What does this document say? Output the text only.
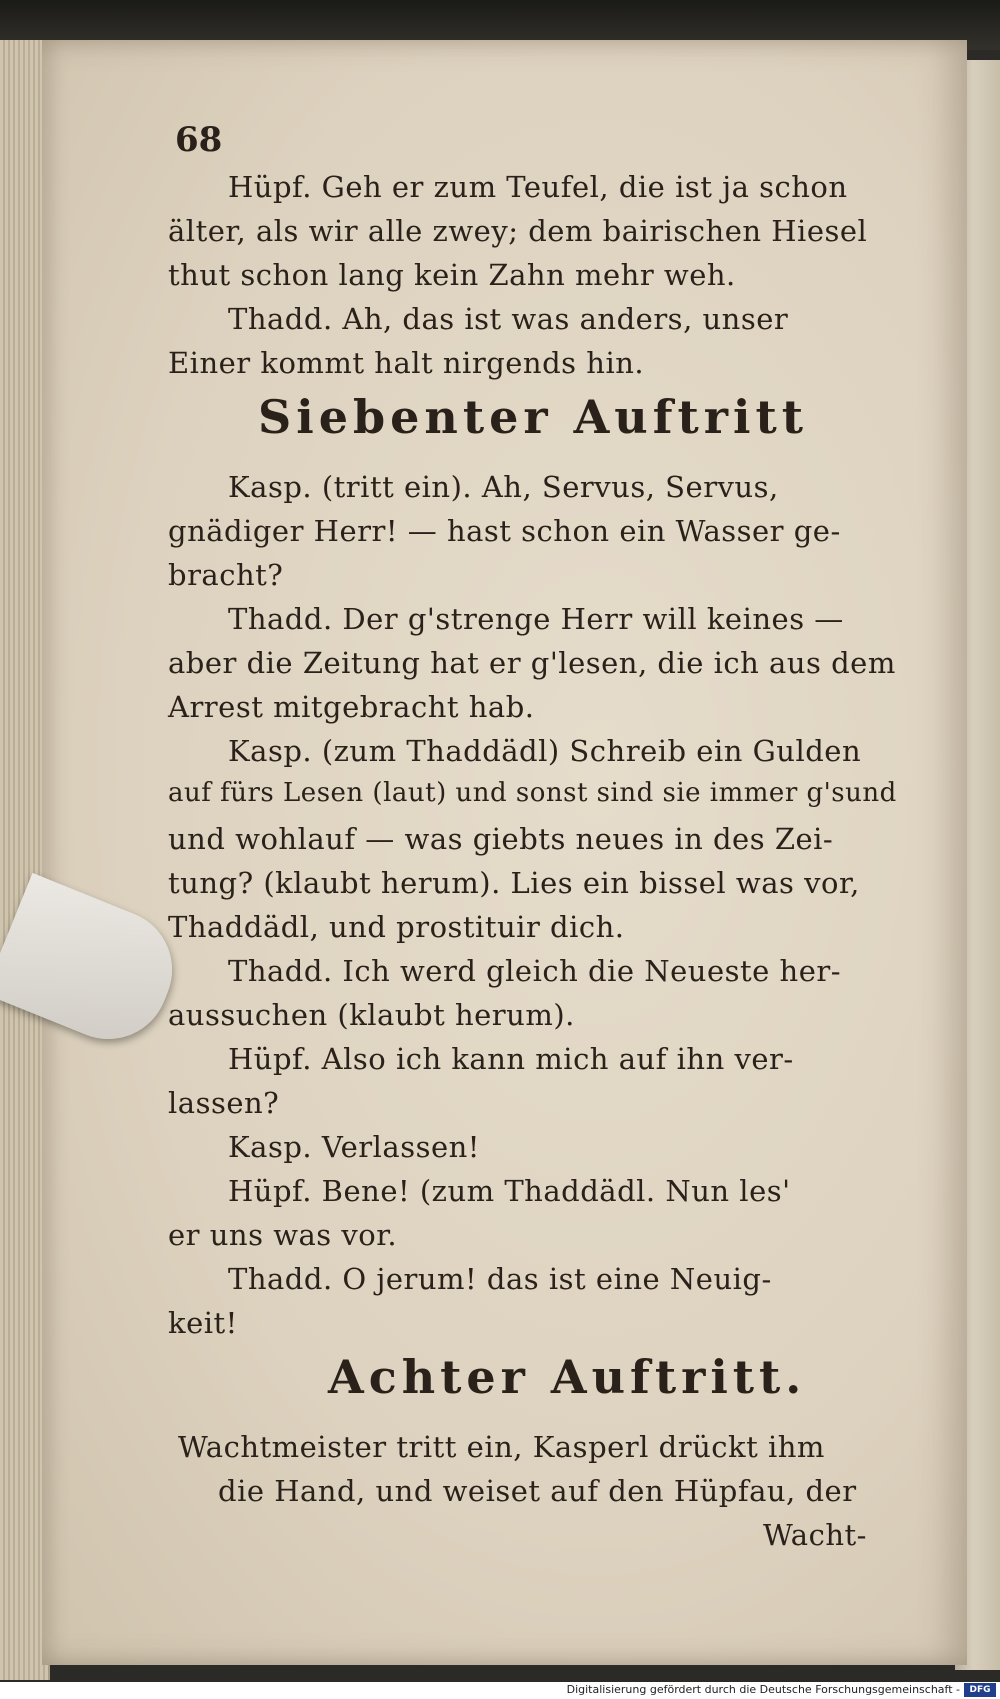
68
Hüpf. Geh er zum Teufel, die ist ja schon
älter, als wir alle zwey; dem bairischen Hiesel
thut schon lang kein Zahn mehr weh.
Thadd. Ah, das ist was anders, unser
Einer kommt halt nirgends hin.
Siebenter Auftritt
Kasp. (tritt ein). Ah, Servus, Servus,
gnädiger Herr! — hast schon ein Wasser ge-
bracht?
Thadd. Der g'strenge Herr will keines —
aber die Zeitung hat er g'lesen, die ich aus dem
Arrest mitgebracht hab.
Kasp. (zum Thaddädl) Schreib ein Gulden
auf fürs Lesen (laut) und sonst sind sie immer g'sund
und wohlauf — was giebts neues in des Zei-
tung? (klaubt herum). Lies ein bissel was vor,
Thaddädl, und prostituir dich.
Thadd. Ich werd gleich die Neueste her-
aussuchen (klaubt herum).
Hüpf. Also ich kann mich auf ihn ver-
lassen?
Kasp. Verlassen!
Hüpf. Bene! (zum Thaddädl. Nun les'
er uns was vor.
Thadd. O jerum! das ist eine Neuig-
keit!
Achter Auftritt.
Wachtmeister tritt ein, Kasperl drückt ihm
die Hand, und weiset auf den Hüpfau, der
Wacht-
Digitalisierung gefördert durch die Deutsche Forschungsgemeinschaft -	DFG
